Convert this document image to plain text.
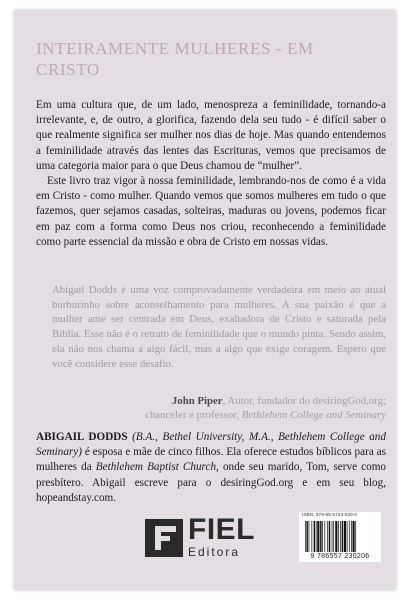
INTEIRAMENTE MULHERES - EM CRISTO

Em uma cultura que, de um lado, menosprezа a feminilidade, tornando-a irrelevante, e, de outro, a glorifica, fazendo dela seu tudo - é difícil saber o que realmente significa ser mulher nos dias de hoje. Mas quando entendemos a feminilidade através das lentes das Escrituras, vemos que precisamos de uma categoria maior para o que Deus chamou de “mulher”.

Este livro traz vigor à nossa feminilidade, lembrando-nos de como é a vida em Cristo - como mulher. Quando vemos que somos mulheres em tudo o que fazemos, quer sejamos casadas, solteiras, maduras ou jovens, podemos ficar em paz com a forma como Deus nos criou, reconhecendo a feminilidade como parte essencial da missão e obra de Cristo em nossas vidas.

Abigail Dodds é uma voz comprovadamente verdadeira em meio ao atual burburinho sobre aconselhamento para mulheres. A sua paixão é que a mulher ame ser centrada em Deus, exaltadora de Cristo e saturada pela Bíblia. Esse não é o retrato de feminilidade que o mundo pinta. Sendo assim, ela não nos chama a algo fácil, mas a algo que exige coragem. Espero que você considere esse desafio.

John Piper, Autor, fundador do desiringGod.org;
chanceler e professor, Bethlehem College and Seminary
ABIGAIL DODDS (B.A., Bethel University, M.A., Bethlehem College and Seminary) é esposa e mãe de cinco filhos. Ela oferece estudos bíblicos para as mulheres da Bethlehem Baptist Church, onde seu marido, Tom, serve como presbítero. Abigail escreve para o desiringGod.org e em seu blog, hopeandstay.com.
FIEL
Editora
ISBN: 978-65-5723-020-6
9 786557 230206
